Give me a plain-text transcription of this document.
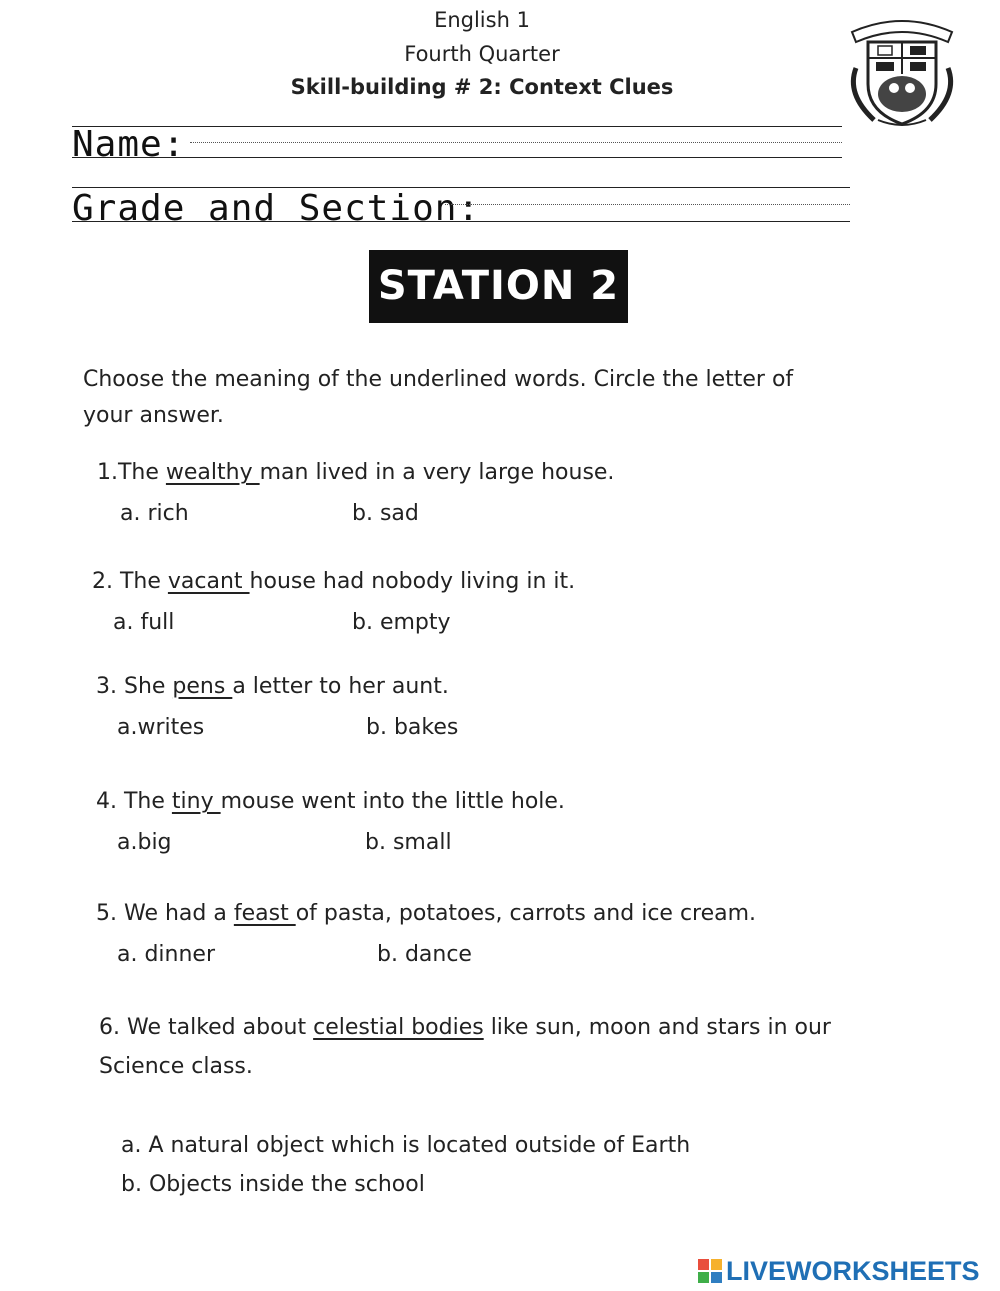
English 1
Fourth Quarter
Skill-building # 2: Context Clues
Name:
Grade and Section:
STATION 2
Choose the meaning of the underlined words. Circle the letter of
your answer.
1.The wealthy man lived in a very large house.
a. rich	b. sad
2. The vacant house had nobody living in it.
a. full	b. empty
3. She pens a letter to her aunt.
a.writes	b. bakes
4. The tiny mouse went into the little hole.
a.big	b. small
5. We had a feast of pasta, potatoes, carrots and ice cream.
a. dinner	b. dance
6. We talked about celestial bodies like sun, moon and stars in our
Science class.
a. A natural object which is located outside of Earth
b. Objects inside the school
LIVEWORKSHEETS
